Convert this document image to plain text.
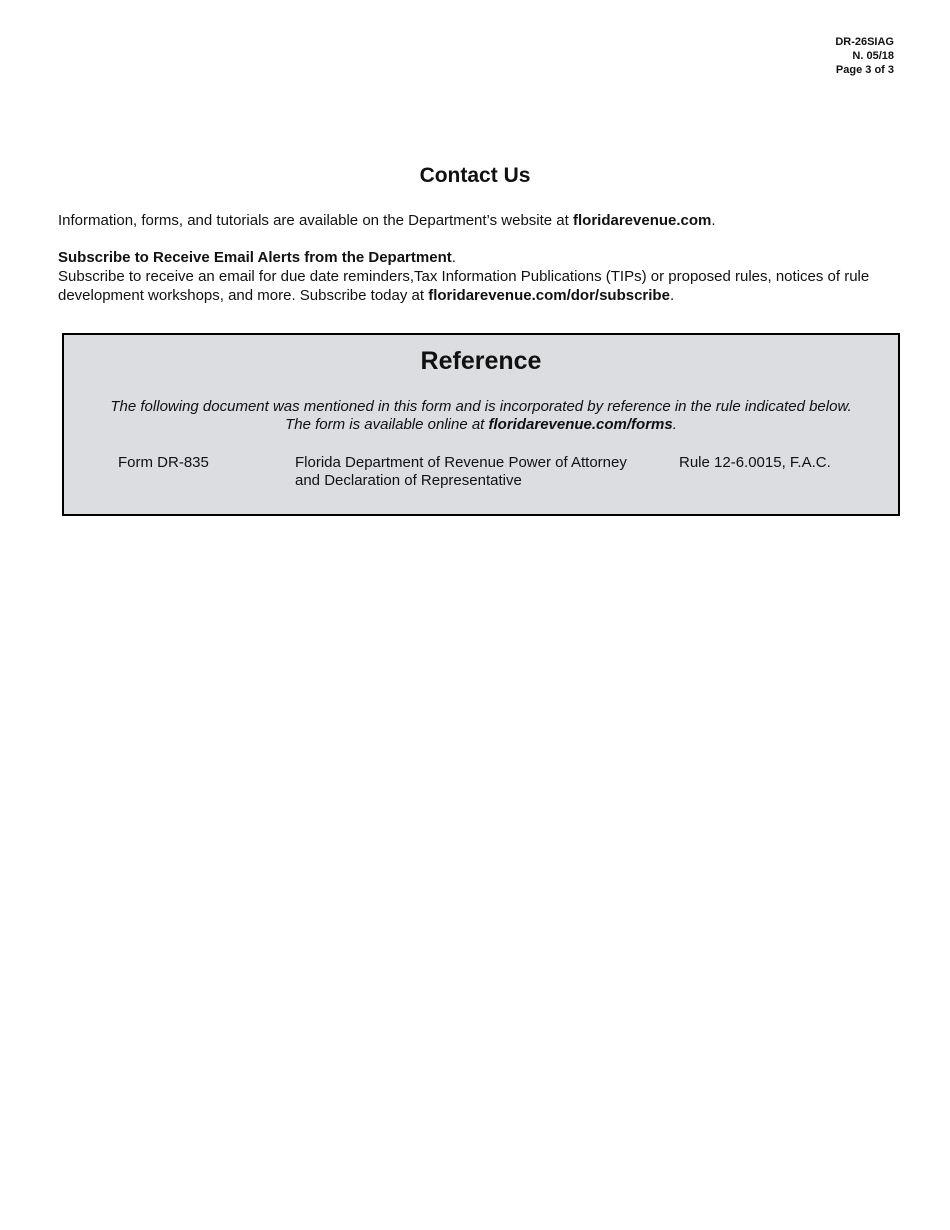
DR-26SIAG
N. 05/18
Page 3 of 3
Contact Us
Information, forms, and tutorials are available on the Department’s website at floridarevenue.com.
Subscribe to Receive Email Alerts from the Department.
Subscribe to receive an email for due date reminders,Tax Information Publications (TIPs) or proposed rules, notices of rule development workshops, and more. Subscribe today at floridarevenue.com/dor/subscribe.
Reference
The following document was mentioned in this form and is incorporated by reference in the rule indicated below.
The form is available online at floridarevenue.com/forms.
Form DR-835	Florida Department of Revenue Power of Attorney
and Declaration of Representative
Rule 12-6.0015, F.A.C.
